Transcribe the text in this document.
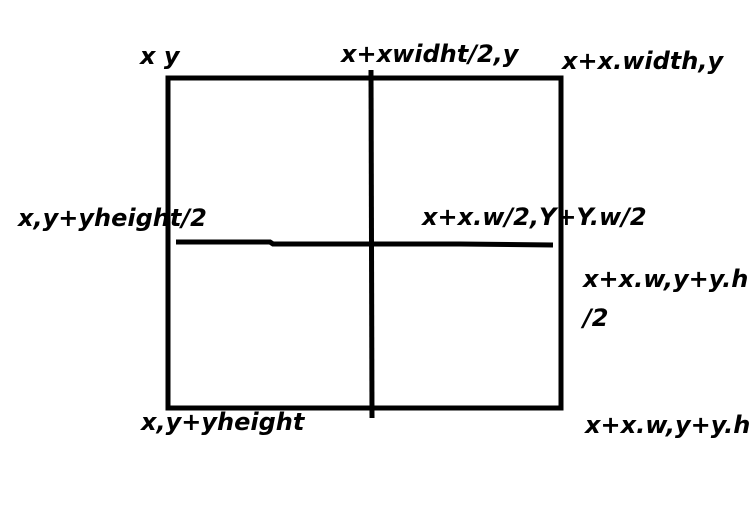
x y	x+xwidht/2,y x+x.width,y

x,y+yheight/2	x+x.w/2,Y+Y.w/2

x+x.w,y+y.h

/2

x,y+yheight	x+x.w,y+y.h
